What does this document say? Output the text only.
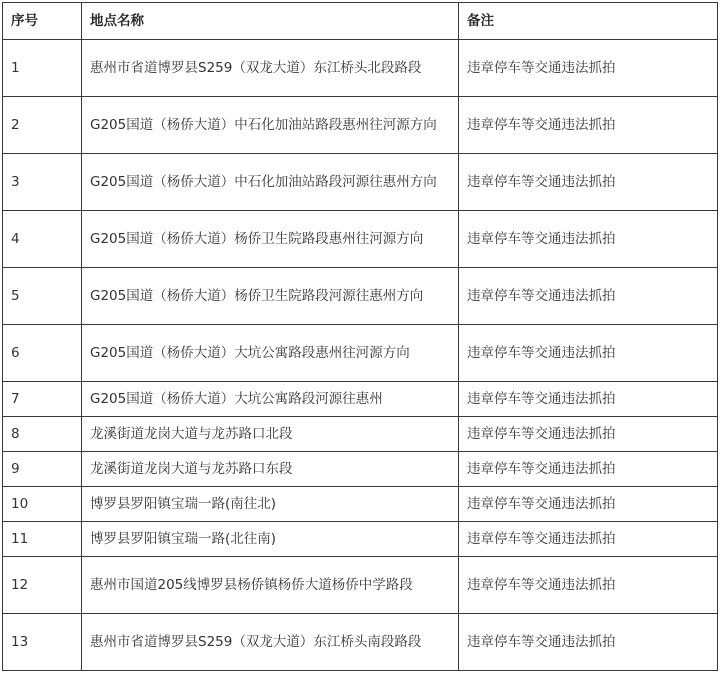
序号	地点名称	备注
1	惠州市省道博罗县S259（双龙大道）东江桥头北段路段	违章停车等交通违法抓拍
2	G205国道（杨侨大道）中石化加油站路段惠州往河源方向	违章停车等交通违法抓拍
3	G205国道（杨侨大道）中石化加油站路段河源往惠州方向	违章停车等交通违法抓拍
4	G205国道（杨侨大道）杨侨卫生院路段惠州往河源方向	违章停车等交通违法抓拍
5	G205国道（杨侨大道）杨侨卫生院路段河源往惠州方向	违章停车等交通违法抓拍
6	G205国道（杨侨大道）大坑公寓路段惠州往河源方向	违章停车等交通违法抓拍
7	G205国道（杨侨大道）大坑公寓路段河源往惠州	违章停车等交通违法抓拍
8	龙溪街道龙岗大道与龙苏路口北段	违章停车等交通违法抓拍
9	龙溪街道龙岗大道与龙苏路口东段	违章停车等交通违法抓拍
10	博罗县罗阳镇宝瑞一路(南往北)	违章停车等交通违法抓拍
11	博罗县罗阳镇宝瑞一路(北往南)	违章停车等交通违法抓拍
12	惠州市国道205线博罗县杨侨镇杨侨大道杨侨中学路段	违章停车等交通违法抓拍
13	惠州市省道博罗县S259（双龙大道）东江桥头南段路段	违章停车等交通违法抓拍
